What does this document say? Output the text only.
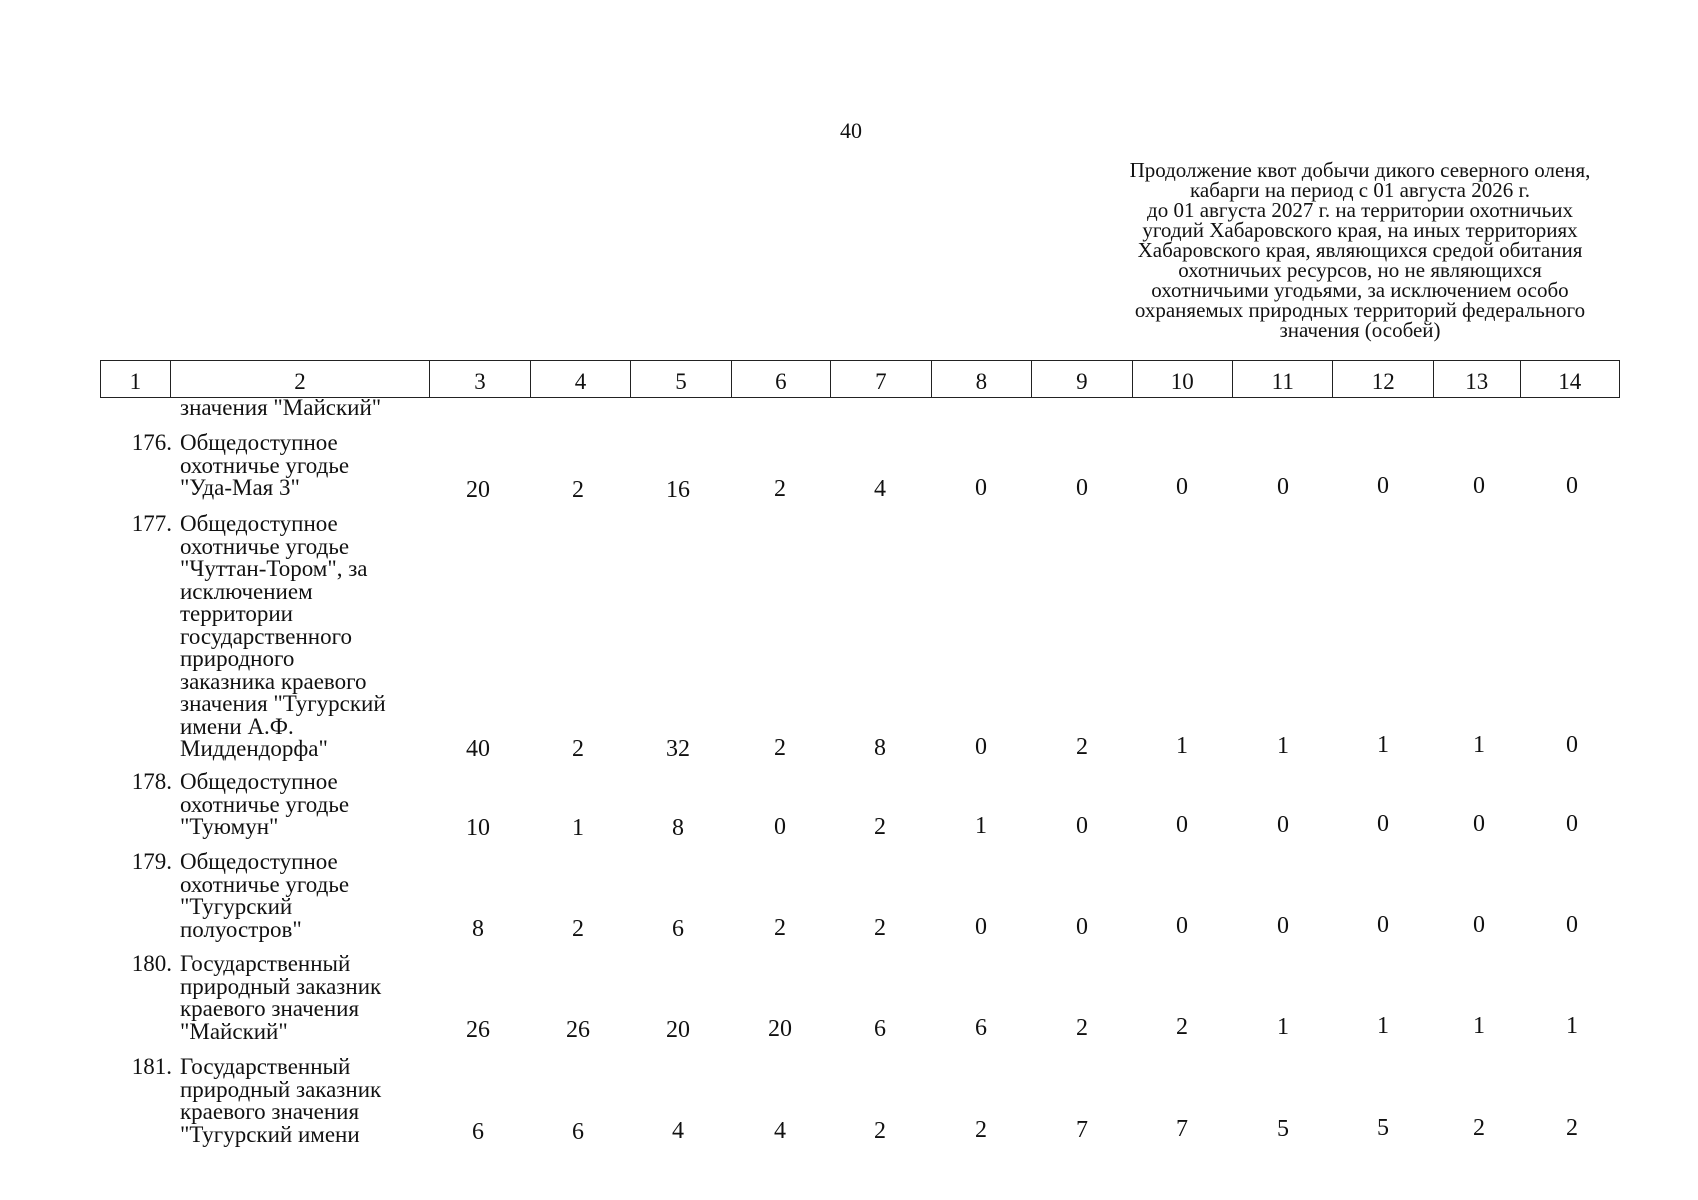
40
Продолжение квот добычи дикого северного оленя,
кабарги на период с 01 августа 2026 г.
до 01 августа 2027 г. на территории охотничьих
угодий Хабаровского края, на иных территориях
Хабаровского края, являющихся средой обитания
охотничьих ресурсов, но не являющихся
охотничьими угодьями, за исключением особо
охраняемых природных территорий федерального
значения (особей)
1	2	3	4	5	6	7	8	9	10	11	12	13	14
значения "Майский"
176. Общедоступное
охотничье угодье
"Уда-Мая 3"	20	2	16	2	4	0	0	0	0	0	0	0
177. Общедоступное
охотничье угодье
"Чуттан-Тором", за
исключением
территории
государственного
природного
заказника краевого
значения "Тугурский
имени А.Ф.
Миддендорфа"	40	2	32	2	8	0	2	1	1	1	1	0
178. Общедоступное
охотничье угодье
"Туюмун"	10	1	8	0	2	1	0	0	0	0	0	0
179. Общедоступное
охотничье угодье
"Тугурский
полуостров"	8	2	6	2	2	0	0	0	0	0	0	0
180. Государственный
природный заказник
краевого значения
"Майский"	26	26	20	20	6	6	2	2	1	1	1	1
181. Государственный
природный заказник
краевого значения
"Тугурский имени	6	6	4	4	2	2	7	7	5	5	2	2
